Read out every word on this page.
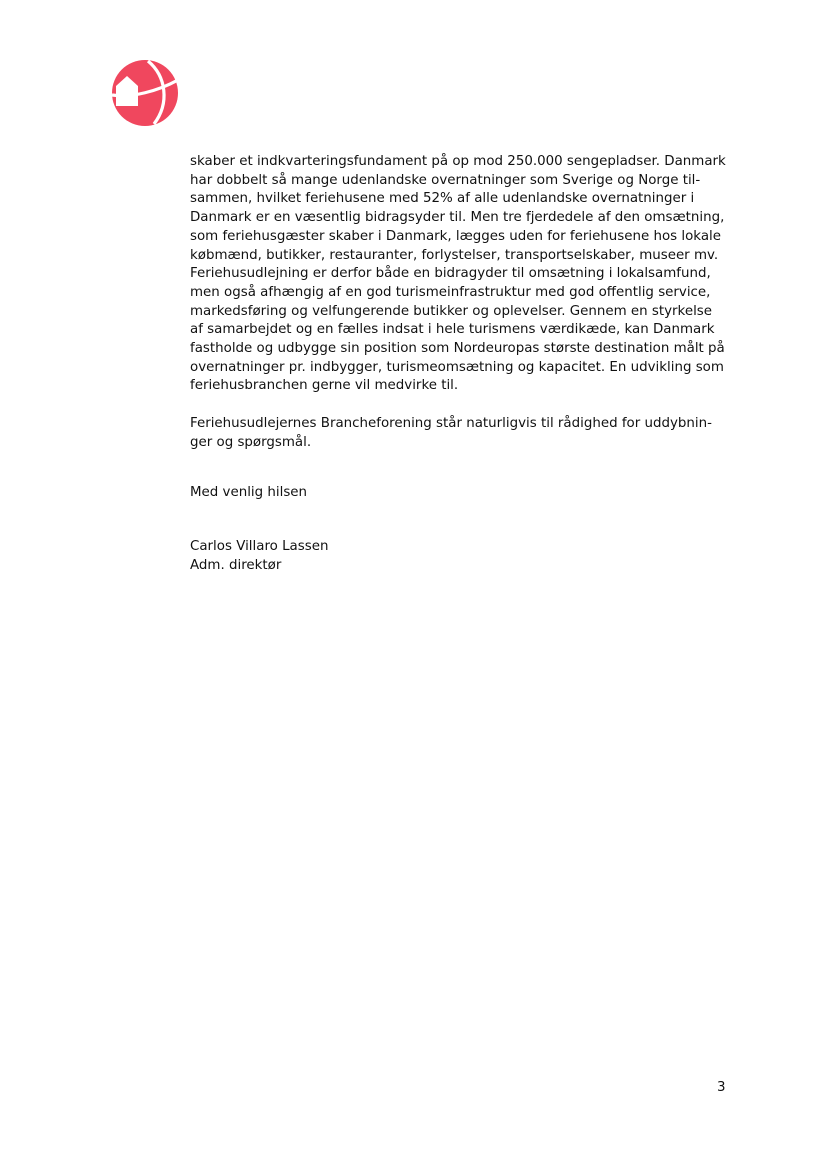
skaber et indkvarteringsfundament på op mod 250.000 sengepladser. Danmark
har dobbelt så mange udenlandske overnatninger som Sverige og Norge til-
sammen, hvilket feriehusene med 52% af alle udenlandske overnatninger i
Danmark er en væsentlig bidragsyder til. Men tre fjerdedele af den omsætning,
som feriehusgæster skaber i Danmark, lægges uden for feriehusene hos lokale
købmænd, butikker, restauranter, forlystelser, transportselskaber, museer mv.
Feriehusudlejning er derfor både en bidragyder til omsætning i lokalsamfund,
men også afhængig af en god turismeinfrastruktur med god offentlig service,
markedsføring og velfungerende butikker og oplevelser. Gennem en styrkelse
af samarbejdet og en fælles indsat i hele turismens værdikæde, kan Danmark
fastholde og udbygge sin position som Nordeuropas største destination målt på
overnatninger pr. indbygger, turismeomsætning og kapacitet. En udvikling som
feriehusbranchen gerne vil medvirke til.

Feriehusudlejernes Brancheforening står naturligvis til rådighed for uddybnin-
ger og spørgsmål.

Med venlig hilsen

Carlos Villaro Lassen
Adm. direktør
3
